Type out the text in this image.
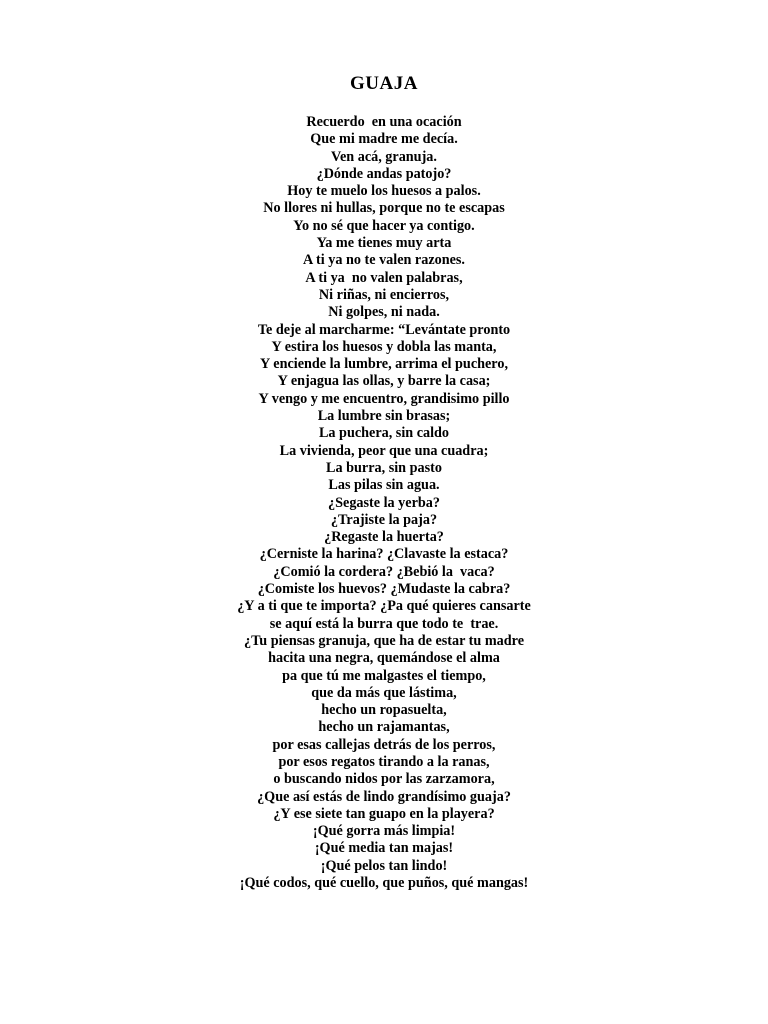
GUAJA
Recuerdo  en una ocación
Que mi madre me decía.
Ven acá, granuja.
¿Dónde andas patojo?
Hoy te muelo los huesos a palos.
No llores ni hullas, porque no te escapas
Yo no sé que hacer ya contigo.
Ya me tienes muy arta
A ti ya no te valen razones.
A ti ya  no valen palabras,
Ni riñas, ni encierros,
Ni golpes, ni nada.
Te deje al marcharme: “Levántate pronto
Y estira los huesos y dobla las manta,
Y enciende la lumbre, arrima el puchero,
Y enjagua las ollas, y barre la casa;
Y vengo y me encuentro, grandisimo pillo
La lumbre sin brasas;
La puchera, sin caldo
La vivienda, peor que una cuadra;
La burra, sin pasto
Las pilas sin agua.
¿Segaste la yerba?
¿Trajiste la paja?
¿Regaste la huerta?
¿Cerniste la harina? ¿Clavaste la estaca?
¿Comió la cordera? ¿Bebió la  vaca?
¿Comiste los huevos? ¿Mudaste la cabra?
¿Y a ti que te importa? ¿Pa qué quieres cansarte
se aquí está la burra que todo te  trae.
¿Tu piensas granuja, que ha de estar tu madre
hacita una negra, quemándose el alma
pa que tú me malgastes el tiempo,
que da más que lástima,
hecho un ropasuelta,
hecho un rajamantas,
por esas callejas detrás de los perros,
por esos regatos tirando a la ranas,
o buscando nidos por las zarzamora,
¿Que así estás de lindo grandísimo guaja?
¿Y ese siete tan guapo en la playera?
¡Qué gorra más limpia!
¡Qué media tan majas!
¡Qué pelos tan lindo!
¡Qué codos, qué cuello, que puños, qué mangas!
